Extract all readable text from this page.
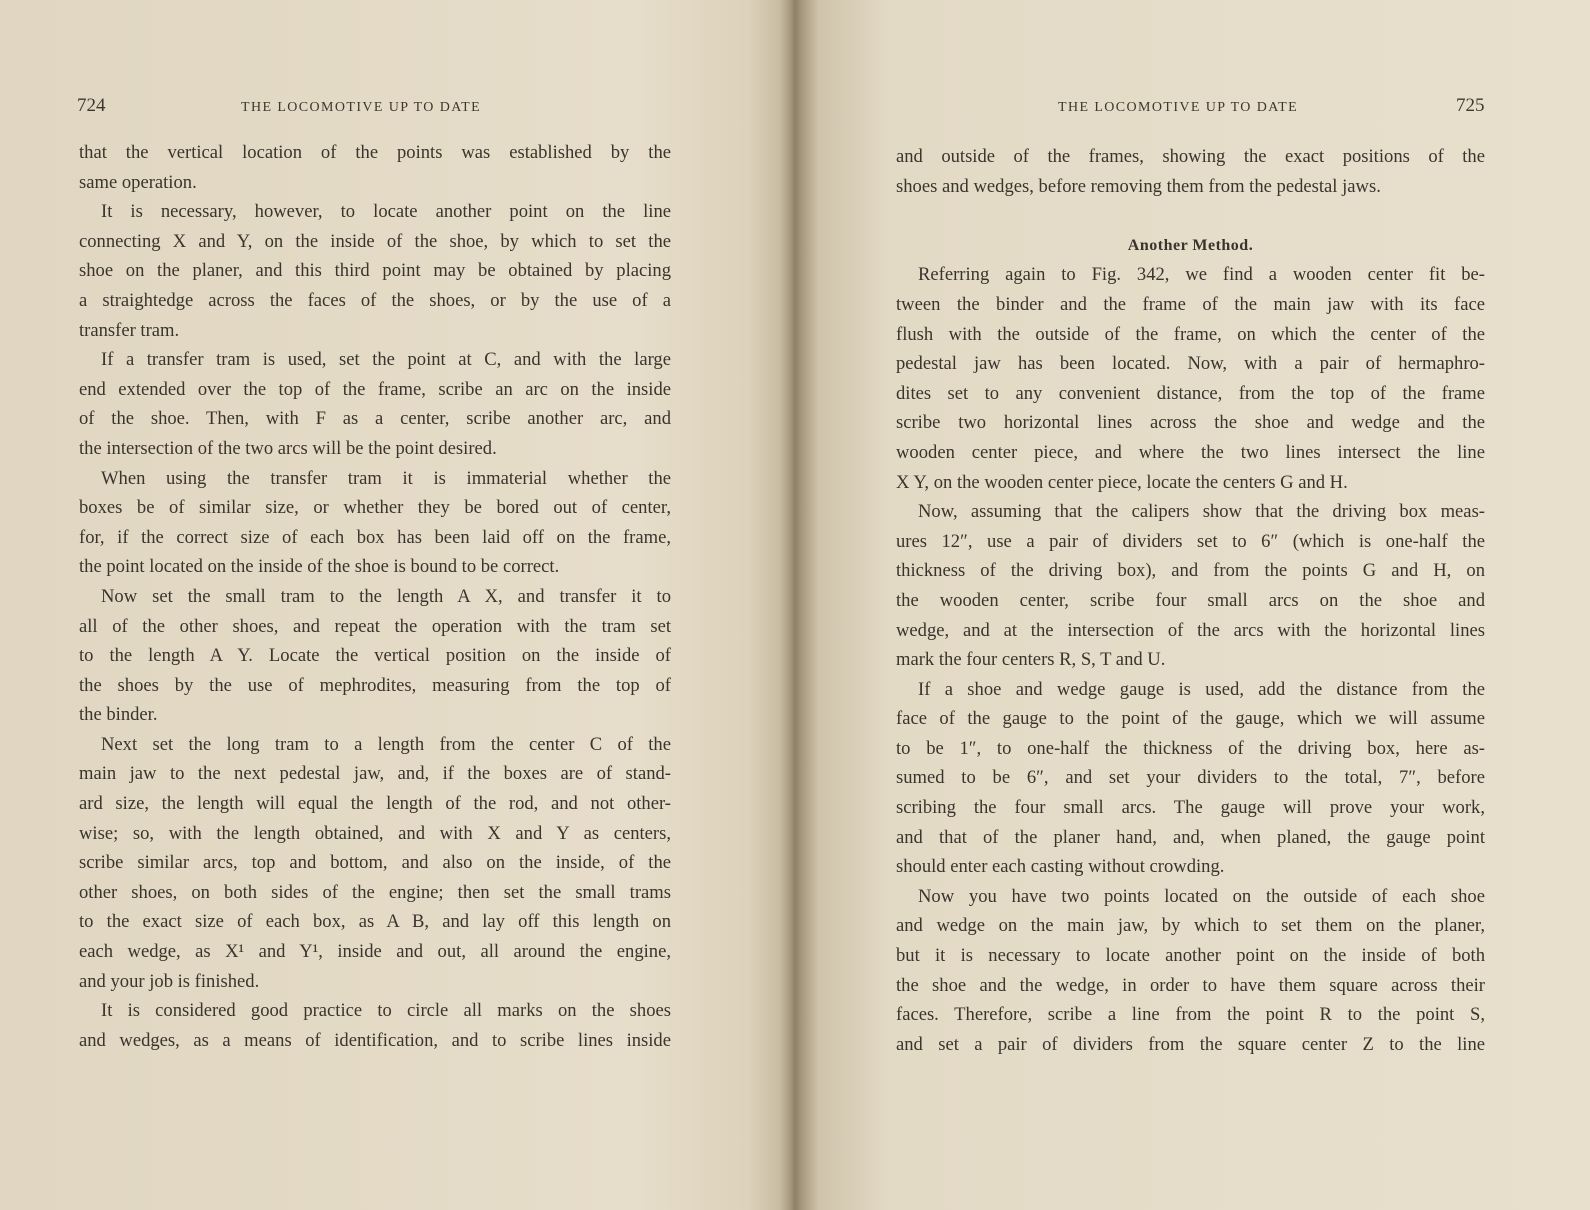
724	THE LOCOMOTIVE UP TO DATE
that the vertical location of the points was established by the
same operation.
It is necessary, however, to locate another point on the line
connecting X and Y, on the inside of the shoe, by which to set the
shoe on the planer, and this third point may be obtained by placing
a straightedge across the faces of the shoes, or by the use of a
transfer tram.
If a transfer tram is used, set the point at C, and with the large
end extended over the top of the frame, scribe an arc on the inside
of the shoe. Then, with F as a center, scribe another arc, and
the intersection of the two arcs will be the point desired.
When using the transfer tram it is immaterial whether the
boxes be of similar size, or whether they be bored out of center,
for, if the correct size of each box has been laid off on the frame,
the point located on the inside of the shoe is bound to be correct.
Now set the small tram to the length A X, and transfer it to
all of the other shoes, and repeat the operation with the tram set
to the length A Y. Locate the vertical position on the inside of
the shoes by the use of mephrodites, measuring from the top of
the binder.
Next set the long tram to a length from the center C of the
main jaw to the next pedestal jaw, and, if the boxes are of stand-
ard size, the length will equal the length of the rod, and not other-
wise; so, with the length obtained, and with X and Y as centers,
scribe similar arcs, top and bottom, and also on the inside, of the
other shoes, on both sides of the engine; then set the small trams
to the exact size of each box, as A B, and lay off this length on
each wedge, as X¹ and Y¹, inside and out, all around the engine,
and your job is finished.
It is considered good practice to circle all marks on the shoes
and wedges, as a means of identification, and to scribe lines inside
THE LOCOMOTIVE UP TO DATE	725
and outside of the frames, showing the exact positions of the
shoes and wedges, before removing them from the pedestal jaws.
Another Method.
Referring again to Fig. 342, we find a wooden center fit be-
tween the binder and the frame of the main jaw with its face
flush with the outside of the frame, on which the center of the
pedestal jaw has been located. Now, with a pair of hermaphro-
dites set to any convenient distance, from the top of the frame
scribe two horizontal lines across the shoe and wedge and the
wooden center piece, and where the two lines intersect the line
X Y, on the wooden center piece, locate the centers G and H.
Now, assuming that the calipers show that the driving box meas-
ures 12″, use a pair of dividers set to 6″ (which is one-half the
thickness of the driving box), and from the points G and H, on
the wooden center, scribe four small arcs on the shoe and
wedge, and at the intersection of the arcs with the horizontal lines
mark the four centers R, S, T and U.
If a shoe and wedge gauge is used, add the distance from the
face of the gauge to the point of the gauge, which we will assume
to be 1″, to one-half the thickness of the driving box, here as-
sumed to be 6″, and set your dividers to the total, 7″, before
scribing the four small arcs. The gauge will prove your work,
and that of the planer hand, and, when planed, the gauge point
should enter each casting without crowding.
Now you have two points located on the outside of each shoe
and wedge on the main jaw, by which to set them on the planer,
but it is necessary to locate another point on the inside of both
the shoe and the wedge, in order to have them square across their
faces. Therefore, scribe a line from the point R to the point S,
and set a pair of dividers from the square center Z to the line
